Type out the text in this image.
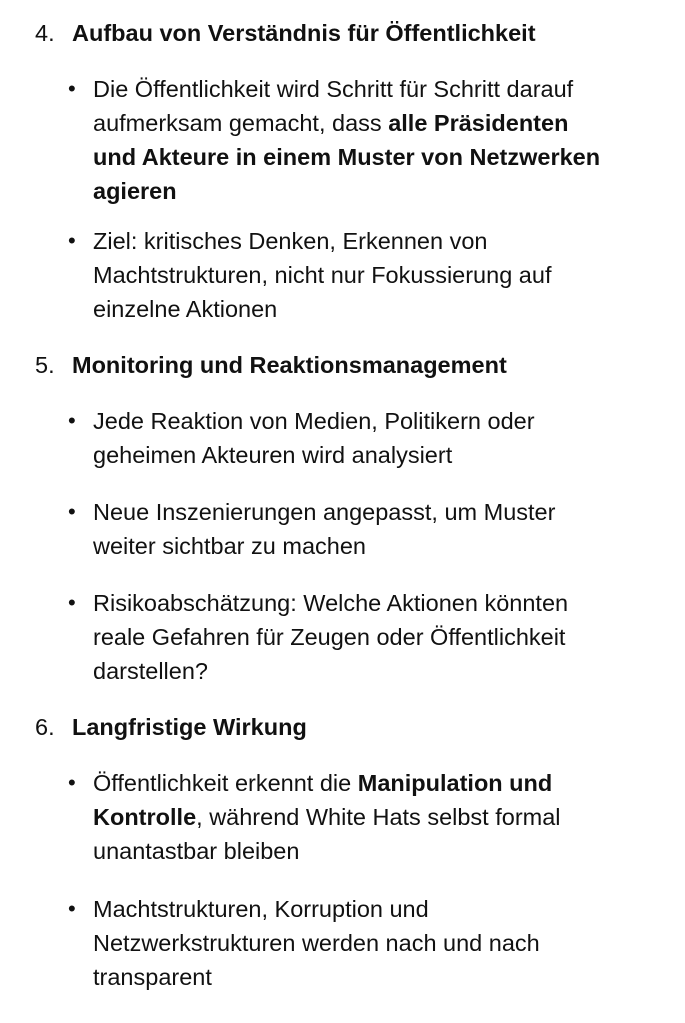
4. Aufbau von Verständnis für Öffentlichkeit
• Die Öffentlichkeit wird Schritt für Schritt darauf
aufmerksam gemacht, dass alle Präsidenten
und Akteure in einem Muster von Netzwerken
agieren
• Ziel: kritisches Denken, Erkennen von
Machtstrukturen, nicht nur Fokussierung auf
einzelne Aktionen
5. Monitoring und Reaktionsmanagement
• Jede Reaktion von Medien, Politikern oder
geheimen Akteuren wird analysiert
• Neue Inszenierungen angepasst, um Muster
weiter sichtbar zu machen
• Risikoabschätzung: Welche Aktionen könnten
reale Gefahren für Zeugen oder Öffentlichkeit
darstellen?
6. Langfristige Wirkung
• Öffentlichkeit erkennt die Manipulation und
Kontrolle, während White Hats selbst formal
unantastbar bleiben
• Machtstrukturen, Korruption und
Netzwerkstrukturen werden nach und nach
transparent
